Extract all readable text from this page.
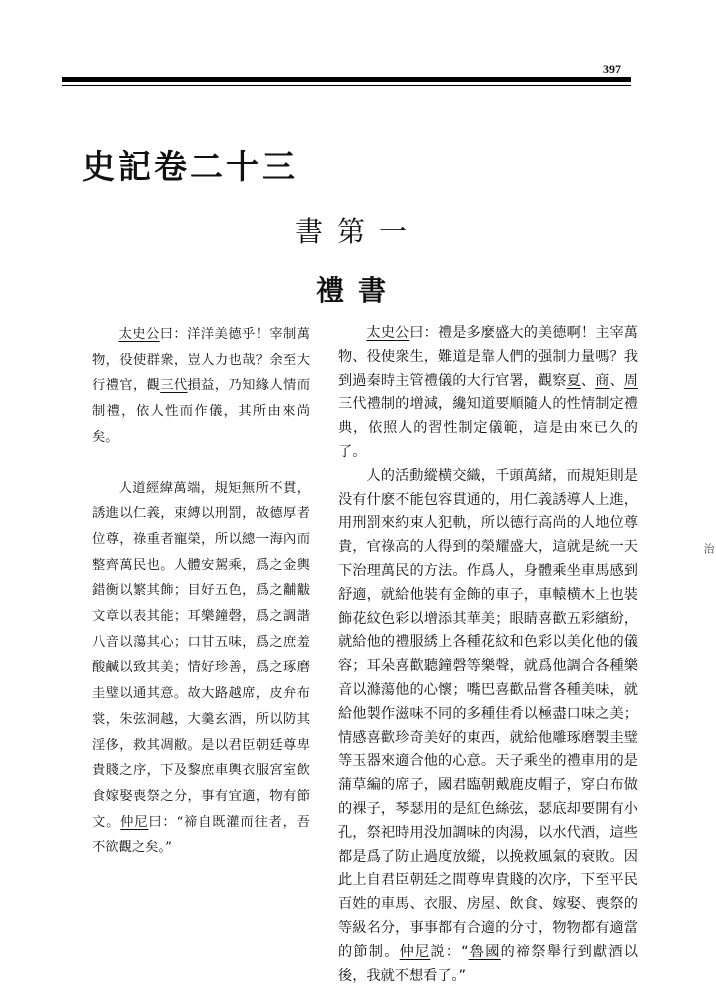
397
史記卷二十三
書第一
禮書

太史公曰：洋洋美德乎！宰制萬物，役使群衆，豈人力也哉？余至大行禮官，觀三代損益，乃知緣人情而制禮，依人性而作儀，其所由來尚矣。

人道經緯萬端，規矩無所不貫，誘進以仁義，束縛以刑罰，故德厚者位尊，祿重者寵榮，所以總一海內而整齊萬民也。人體安駕乘，爲之金輿錯衡以繁其飾；目好五色，爲之黼黻文章以表其能；耳樂鐘磬，爲之調諧八音以蕩其心；口甘五味，爲之庶羞酸鹹以致其美；情好珍善，爲之琢磨圭璧以通其意。故大路越席，皮弁布裳，朱弦洞越，大羹玄酒，所以防其淫侈，救其凋敝。是以君臣朝廷尊卑貴賤之序，下及黎庶車輿衣服宮室飲食嫁娶喪祭之分，事有宜適，物有節文。仲尼曰：“禘自既灌而往者，吾不欲觀之矣。”

太史公曰：禮是多麼盛大的美德啊！主宰萬物、役使衆生，難道是靠人們的强制力量嗎？我到過秦時主管禮儀的大行官署，觀察夏、商、周三代禮制的增減，纔知道要順隨人的性情制定禮典，依照人的習性制定儀範，這是由來已久的了。

人的活動縱横交織，千頭萬緒，而規矩則是没有什麽不能包容貫通的，用仁義誘導人上進，用刑罰來約束人犯軌，所以德行高尚的人地位尊貴，官祿高的人得到的榮耀盛大，這就是統一天下治理萬民的方法。作爲人，身體乘坐車馬感到舒適，就給他裝有金飾的車子，車轅横木上也裝飾花紋色彩以增添其華美；眼睛喜歡五彩繽紛，就給他的禮服綉上各種花紋和色彩以美化他的儀容；耳朵喜歡聽鐘磬等樂聲，就爲他調合各種樂音以滌蕩他的心懷；嘴巴喜歡品嘗各種美味，就給他製作滋味不同的多種佳肴以極盡口味之美；情感喜歡珍奇美好的東西，就給他雕琢磨製圭璧等玉器來適合他的心意。天子乘坐的禮車用的是蒲草編的席子，國君臨朝戴鹿皮帽子，穿白布做的裸子，琴瑟用的是紅色絲弦，瑟底却要開有小孔，祭祀時用没加調味的肉湯，以水代酒，這些都是爲了防止過度放縱，以挽救風氣的衰敗。因此上自君臣朝廷之間尊卑貴賤的次序，下至平民百姓的車馬、衣服、房屋、飲食、嫁娶、喪祭的等級名分，事事都有合適的分寸，物物都有適當的節制。仲尼説：“魯國的禘祭舉行到獻酒以後，我就不想看了。”

治
